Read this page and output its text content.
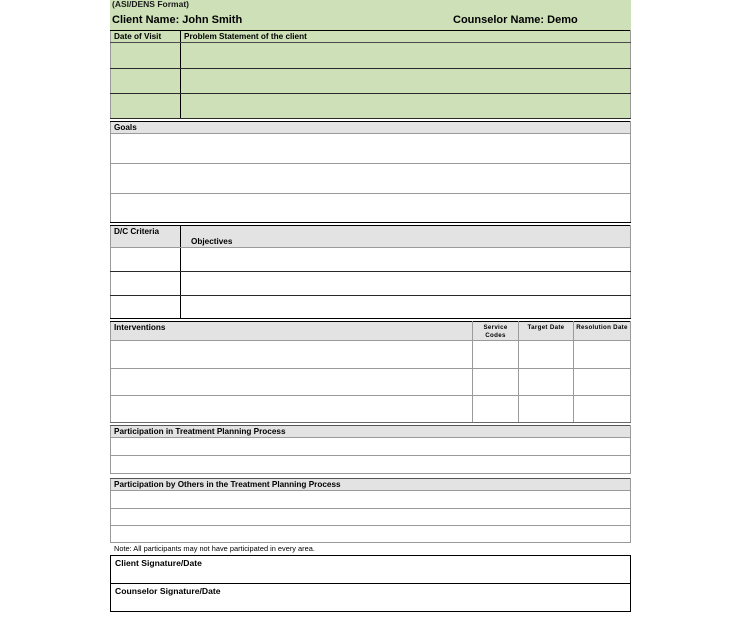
(ASI/DENS Format)
Client Name: John Smith	Counselor Name: Demo
Date of Visit	Problem Statement of the client

Goals

D/C Criteria	Objectives

Interventions	Service Codes	Target Date	Resolution Date

Participation in Treatment Planning Process

Participation by Others in the Treatment Planning Process

Note: All participants may not have participated in every area.
Client Signature/Date

Counselor Signature/Date
